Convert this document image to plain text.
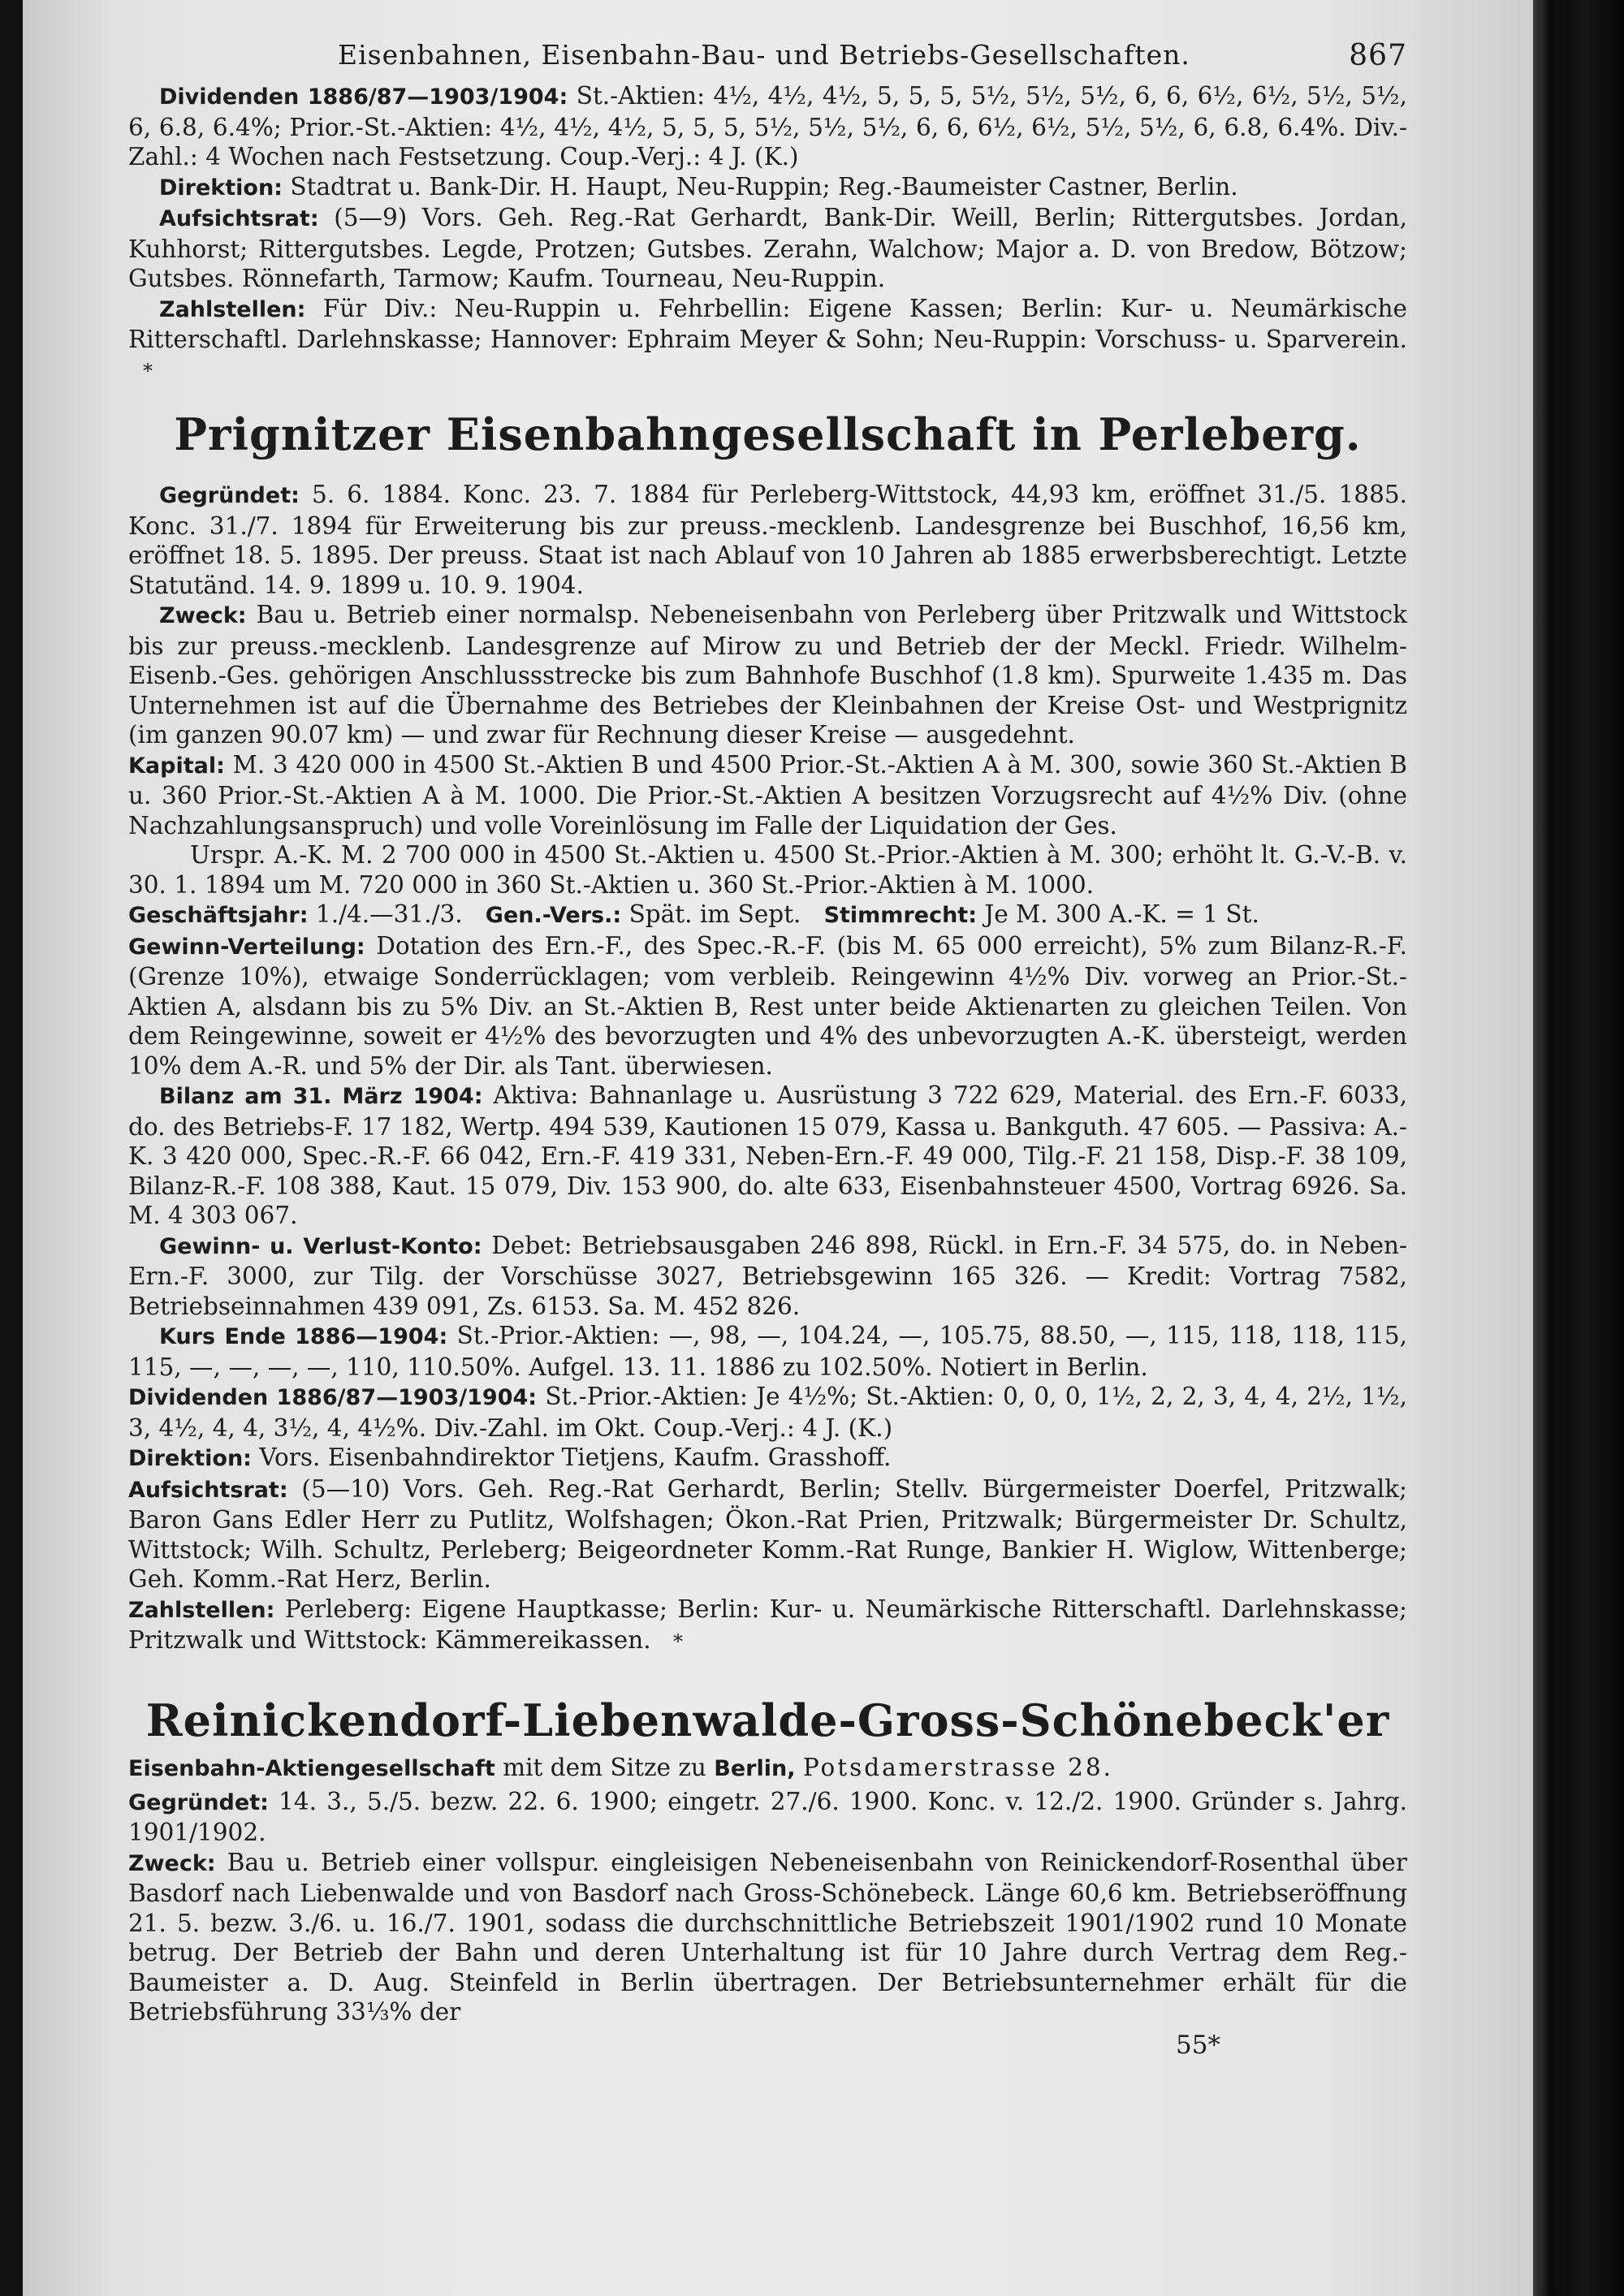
Eisenbahnen, Eisenbahn-Bau- und Betriebs-Gesellschaften.	867

Dividenden 1886/87—1903/1904: St.-Aktien: 4½, 4½, 4½, 5, 5, 5, 5½, 5½, 5½, 6, 6, 6½, 6½, 5½, 5½, 6, 6.8, 6.4%; Prior.-St.-Aktien: 4½, 4½, 4½, 5, 5, 5, 5½, 5½, 5½, 6, 6, 6½, 6½, 5½, 5½, 6, 6.8, 6.4%. Div.-Zahl.: 4 Wochen nach Festsetzung. Coup.-Verj.: 4 J. (K.)

Direktion: Stadtrat u. Bank-Dir. H. Haupt, Neu-Ruppin; Reg.-Baumeister Castner, Berlin.

Aufsichtsrat: (5—9) Vors. Geh. Reg.-Rat Gerhardt, Bank-Dir. Weill, Berlin; Rittergutsbes. Jordan, Kuhhorst; Rittergutsbes. Legde, Protzen; Gutsbes. Zerahn, Walchow; Major a. D. von Bredow, Bötzow; Gutsbes. Rönnefarth, Tarmow; Kaufm. Tourneau, Neu-Ruppin.

Zahlstellen: Für Div.: Neu-Ruppin u. Fehrbellin: Eigene Kassen; Berlin: Kur- u. Neumärkische Ritterschaftl. Darlehnskasse; Hannover: Ephraim Meyer & Sohn; Neu-Ruppin: Vorschuss- u. Sparverein. *

Prignitzer Eisenbahngesellschaft in Perleberg.

Gegründet: 5. 6. 1884. Konc. 23. 7. 1884 für Perleberg-Wittstock, 44,93 km, eröffnet 31./5. 1885. Konc. 31./7. 1894 für Erweiterung bis zur preuss.-mecklenb. Landesgrenze bei Buschhof, 16,56 km, eröffnet 18. 5. 1895. Der preuss. Staat ist nach Ablauf von 10 Jahren ab 1885 erwerbsberechtigt. Letzte Statutänd. 14. 9. 1899 u. 10. 9. 1904.

Zweck: Bau u. Betrieb einer normalsp. Nebeneisenbahn von Perleberg über Pritzwalk und Wittstock bis zur preuss.-mecklenb. Landesgrenze auf Mirow zu und Betrieb der der Meckl. Friedr. Wilhelm-Eisenb.-Ges. gehörigen Anschlussstrecke bis zum Bahnhofe Buschhof (1.8 km). Spurweite 1.435 m. Das Unternehmen ist auf die Übernahme des Betriebes der Kleinbahnen der Kreise Ost- und Westprignitz (im ganzen 90.07 km) — und zwar für Rechnung dieser Kreise — ausgedehnt.

Kapital: M. 3 420 000 in 4500 St.-Aktien B und 4500 Prior.-St.-Aktien A à M. 300, sowie 360 St.-Aktien B u. 360 Prior.-St.-Aktien A à M. 1000. Die Prior.-St.-Aktien A besitzen Vorzugsrecht auf 4½% Div. (ohne Nachzahlungsanspruch) und volle Voreinlösung im Falle der Liquidation der Ges.

Urspr. A.-K. M. 2 700 000 in 4500 St.-Aktien u. 4500 St.-Prior.-Aktien à M. 300; erhöht lt. G.-V.-B. v. 30. 1. 1894 um M. 720 000 in 360 St.-Aktien u. 360 St.-Prior.-Aktien à M. 1000.

Geschäftsjahr: 1./4.—31./3. Gen.-Vers.: Spät. im Sept. Stimmrecht: Je M. 300 A.-K. = 1 St.

Gewinn-Verteilung: Dotation des Ern.-F., des Spec.-R.-F. (bis M. 65 000 erreicht), 5% zum Bilanz-R.-F. (Grenze 10%), etwaige Sonderrücklagen; vom verbleib. Reingewinn 4½% Div. vorweg an Prior.-St.-Aktien A, alsdann bis zu 5% Div. an St.-Aktien B, Rest unter beide Aktienarten zu gleichen Teilen. Von dem Reingewinne, soweit er 4½% des bevorzugten und 4% des unbevorzugten A.-K. übersteigt, werden 10% dem A.-R. und 5% der Dir. als Tant. überwiesen.

Bilanz am 31. März 1904: Aktiva: Bahnanlage u. Ausrüstung 3 722 629, Material. des Ern.-F. 6033, do. des Betriebs-F. 17 182, Wertp. 494 539, Kautionen 15 079, Kassa u. Bankguth. 47 605. — Passiva: A.-K. 3 420 000, Spec.-R.-F. 66 042, Ern.-F. 419 331, Neben-Ern.-F. 49 000, Tilg.-F. 21 158, Disp.-F. 38 109, Bilanz-R.-F. 108 388, Kaut. 15 079, Div. 153 900, do. alte 633, Eisenbahnsteuer 4500, Vortrag 6926. Sa. M. 4 303 067.

Gewinn- u. Verlust-Konto: Debet: Betriebsausgaben 246 898, Rückl. in Ern.-F. 34 575, do. in Neben-Ern.-F. 3000, zur Tilg. der Vorschüsse 3027, Betriebsgewinn 165 326. — Kredit: Vortrag 7582, Betriebseinnahmen 439 091, Zs. 6153. Sa. M. 452 826.

Kurs Ende 1886—1904: St.-Prior.-Aktien: —, 98, —, 104.24, —, 105.75, 88.50, —, 115, 118, 118, 115, 115, —, —, —, —, 110, 110.50%. Aufgel. 13. 11. 1886 zu 102.50%. Notiert in Berlin.

Dividenden 1886/87—1903/1904: St.-Prior.-Aktien: Je 4½%; St.-Aktien: 0, 0, 0, 1½, 2, 2, 3, 4, 4, 2½, 1½, 3, 4½, 4, 4, 3½, 4, 4½%. Div.-Zahl. im Okt. Coup.-Verj.: 4 J. (K.)

Direktion: Vors. Eisenbahndirektor Tietjens, Kaufm. Grasshoff.

Aufsichtsrat: (5—10) Vors. Geh. Reg.-Rat Gerhardt, Berlin; Stellv. Bürgermeister Doerfel, Pritzwalk; Baron Gans Edler Herr zu Putlitz, Wolfshagen; Ökon.-Rat Prien, Pritzwalk; Bürgermeister Dr. Schultz, Wittstock; Wilh. Schultz, Perleberg; Beigeordneter Komm.-Rat Runge, Bankier H. Wiglow, Wittenberge; Geh. Komm.-Rat Herz, Berlin.

Zahlstellen: Perleberg: Eigene Hauptkasse; Berlin: Kur- u. Neumärkische Ritterschaftl. Darlehnskasse; Pritzwalk und Wittstock: Kämmereikassen. *

Reinickendorf-Liebenwalde-Gross-Schönebeck'er

Eisenbahn-Aktiengesellschaft mit dem Sitze zu Berlin, Potsdamerstrasse 28.

Gegründet: 14. 3., 5./5. bezw. 22. 6. 1900; eingetr. 27./6. 1900. Konc. v. 12./2. 1900. Gründer s. Jahrg. 1901/1902.

Zweck: Bau u. Betrieb einer vollspur. eingleisigen Nebeneisenbahn von Reinickendorf-Rosenthal über Basdorf nach Liebenwalde und von Basdorf nach Gross-Schönebeck. Länge 60,6 km. Betriebseröffnung 21. 5. bezw. 3./6. u. 16./7. 1901, sodass die durchschnittliche Betriebszeit 1901/1902 rund 10 Monate betrug. Der Betrieb der Bahn und deren Unterhaltung ist für 10 Jahre durch Vertrag dem Reg.-Baumeister a. D. Aug. Steinfeld in Berlin übertragen. Der Betriebsunternehmer erhält für die Betriebsführung 33⅓% der

55*
